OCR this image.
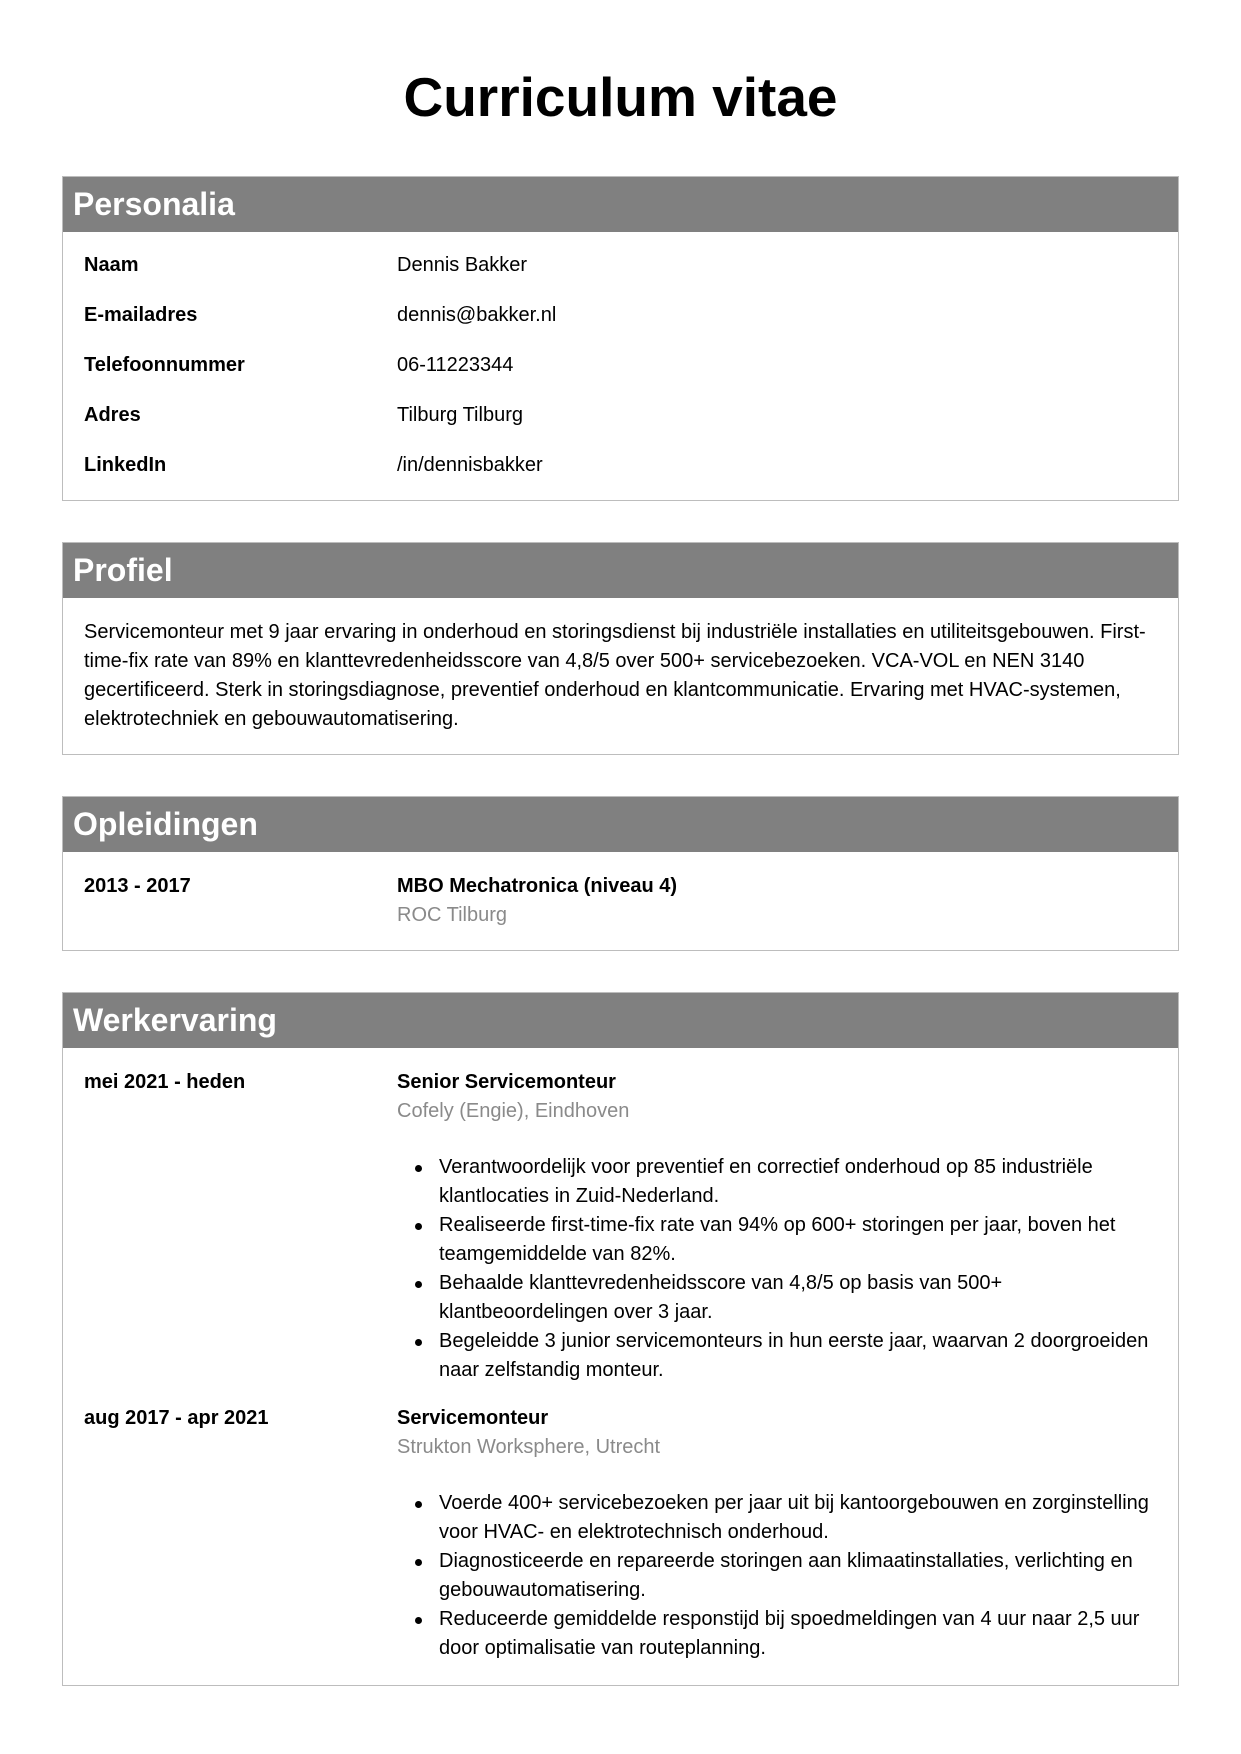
Curriculum vitae
Personalia
Naam	Dennis Bakker
E-mailadres	dennis@bakker.nl
Telefoonnummer	06-11223344
Adres	Tilburg Tilburg
LinkedIn	/in/dennisbakker
Profiel
Servicemonteur met 9 jaar ervaring in onderhoud en storingsdienst bij industriële installaties en utiliteitsgebouwen. First-time-fix rate van 89% en klanttevredenheidsscore van 4,8/5 over 500+ servicebezoeken. VCA-VOL en NEN 3140 gecertificeerd. Sterk in storingsdiagnose, preventief onderhoud en klantcommunicatie. Ervaring met HVAC-systemen, elektrotechniek en gebouwautomatisering.
Opleidingen
2013 - 2017	MBO Mechatronica (niveau 4)
ROC Tilburg
Werkervaring
mei 2021 - heden	Senior Servicemonteur
Cofely (Engie), Eindhoven
Verantwoordelijk voor preventief en correctief onderhoud op 85 industriële klantlocaties in Zuid-Nederland.
Realiseerde first-time-fix rate van 94% op 600+ storingen per jaar, boven het teamgemiddelde van 82%.
Behaalde klanttevredenheidsscore van 4,8/5 op basis van 500+ klantbeoordelingen over 3 jaar.
Begeleidde 3 junior servicemonteurs in hun eerste jaar, waarvan 2 doorgroeiden naar zelfstandig monteur.
aug 2017 - apr 2021	Servicemonteur
Strukton Worksphere, Utrecht
Voerde 400+ servicebezoeken per jaar uit bij kantoorgebouwen en zorginstelling voor HVAC- en elektrotechnisch onderhoud.
Diagnosticeerde en repareerde storingen aan klimaatinstallaties, verlichting en gebouwautomatisering.
Reduceerde gemiddelde responstijd bij spoedmeldingen van 4 uur naar 2,5 uur door optimalisatie van routeplanning.
